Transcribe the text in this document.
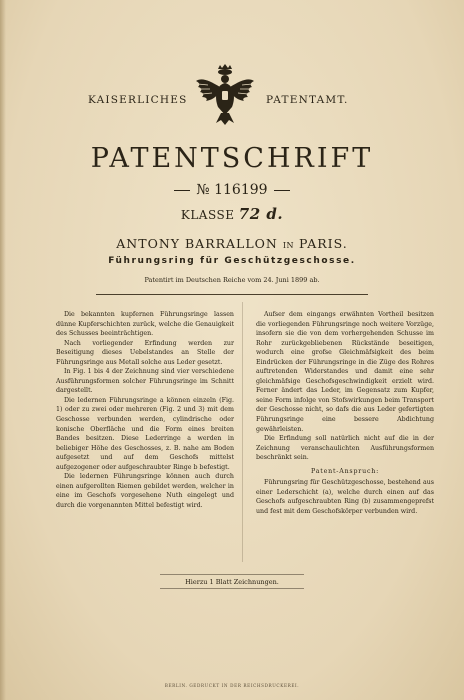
KAISERLICHES	PATENTAMT.
PATENTSCHRIFT
№ 116199
KLASSE 72 d.
ANTONY BARRALLON IN PARIS.
Führungsring für Geschützgeschosse.
Patentirt im Deutschen Reiche vom 24. Juni 1899 ab.

Die bekannten kupfernen Führungsringe lassen dünne Kupferschichten zurück, welche die Genauigkeit des Schusses beeinträchtigen.

Nach vorliegender Erfindung werden zur Beseitigung dieses Uebelstandes an Stelle der Führungsringe aus Metall solche aus Leder gesetzt.

In Fig. 1 bis 4 der Zeichnung sind vier verschiedene Ausführungsformen solcher Führungsringe im Schnitt dargestellt.

Die ledernen Führungsringe a können einzeln (Fig. 1) oder zu zwei oder mehreren (Fig. 2 und 3) mit dem Geschosse verbunden werden, cylindrische oder konische Oberfläche und die Form eines breiten Bandes besitzen. Diese Lederringe a werden in beliebiger Höhe des Geschosses, z. B. nahe am Boden aufgesetzt und auf dem Geschofs mittelst aufgezogener oder aufgeschraubter Ringe b befestigt.

Die ledernen Führungsringe können auch durch einen aufgerollten Riemen gebildet werden, welcher in eine im Geschofs vorgesehene Nuth eingelegt und durch die vorgenannten Mittel befestigt wird.

Aufser dem eingangs erwähnten Vortheil besitzen die vorliegenden Führungsringe noch weitere Vorzüge, insofern sie die von dem vorhergehenden Schusse im Rohr zurückgebliebenen Rückstände beseitigen, wodurch eine grofse Gleichmäfsigkeit des beim Eindrücken der Führungsringe in die Züge des Rohres auftretenden Widerstandes und damit eine sehr gleichmäfsige Geschofsgeschwindigkeit erzielt wird. Ferner ändert das Leder, im Gegensatz zum Kupfer, seine Form infolge von Stofswirkungen beim Transport der Geschosse nicht, so dafs die aus Leder gefertigten Führungsringe eine bessere Abdichtung gewährleisten.

Die Erfindung soll natürlich nicht auf die in der Zeichnung veranschaulichten Ausführungsformen beschränkt sein.

Patent-Anspruch:

Führungsring für Geschützgeschosse, bestehend aus einer Lederschicht (a), welche durch einen auf das Geschofs aufgeschraubten Ring (b) zusammengeprefst und fest mit dem Geschofskörper verbunden wird.

Hierzu 1 Blatt Zeichnungen.
BERLIN. GEDRUCKT IN DER REICHSDRUCKEREI.
